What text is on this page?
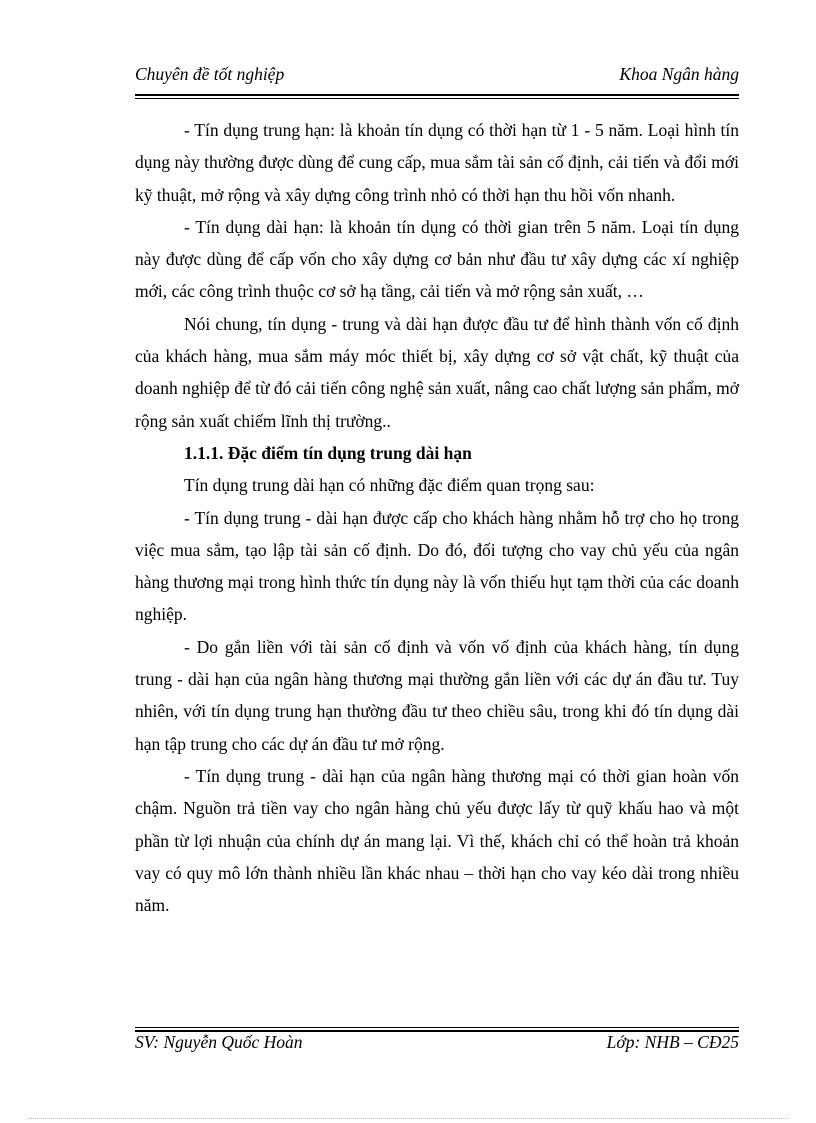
Chuyên đề tốt nghiệp	Khoa Ngân hàng

- Tín dụng trung hạn: là khoản tín dụng có thời hạn từ 1 - 5 năm. Loại hình tín dụng này thường được dùng để cung cấp, mua sắm tài sản cố định, cải tiến và đổi mới kỹ thuật, mở rộng và xây dựng công trình nhỏ có thời hạn thu hồi vốn nhanh.

- Tín dụng dài hạn: là khoản tín dụng có thời gian trên 5 năm. Loại tín dụng này được dùng để cấp vốn cho xây dựng cơ bản như đầu tư xây dựng các xí nghiệp mới, các công trình thuộc cơ sở hạ tầng, cải tiến và mở rộng sản xuất, …

Nói chung, tín dụng - trung và dài hạn được đầu tư để hình thành vốn cố định của khách hàng, mua sắm máy móc thiết bị, xây dựng cơ sở vật chất, kỹ thuật của doanh nghiệp để từ đó cải tiến công nghệ sản xuất, nâng cao chất lượng sản phẩm, mở rộng sản xuất chiếm lĩnh thị trường..

1.1.1. Đặc điểm tín dụng trung dài hạn

Tín dụng trung dài hạn có những đặc điểm quan trọng sau:

- Tín dụng trung - dài hạn được cấp cho khách hàng nhằm hỗ trợ cho họ trong việc mua sắm, tạo lập tài sản cố định. Do đó, đối tượng cho vay chủ yếu của ngân hàng thương mại trong hình thức tín dụng này là vốn thiếu hụt tạm thời của các doanh nghiệp.

- Do gắn liền với tài sản cố định và vốn vố định của khách hàng, tín dụng trung - dài hạn của ngân hàng thương mại thường gắn liền với các dự án đầu tư. Tuy nhiên, với tín dụng trung hạn thường đầu tư theo chiều sâu, trong khi đó tín dụng dài hạn tập trung cho các dự án đầu tư mở rộng.

- Tín dụng trung - dài hạn của ngân hàng thương mại có thời gian hoàn vốn chậm. Nguồn trả tiền vay cho ngân hàng chủ yếu được lấy từ quỹ khấu hao và một phần từ lợi nhuận của chính dự án mang lại. Vì thế, khách chỉ có thể hoàn trả khoản vay có quy mô lớn thành nhiều lần khác nhau – thời hạn cho vay kéo dài trong nhiều năm.

SV: Nguyễn Quốc Hoàn	Lớp: NHB – CĐ25
